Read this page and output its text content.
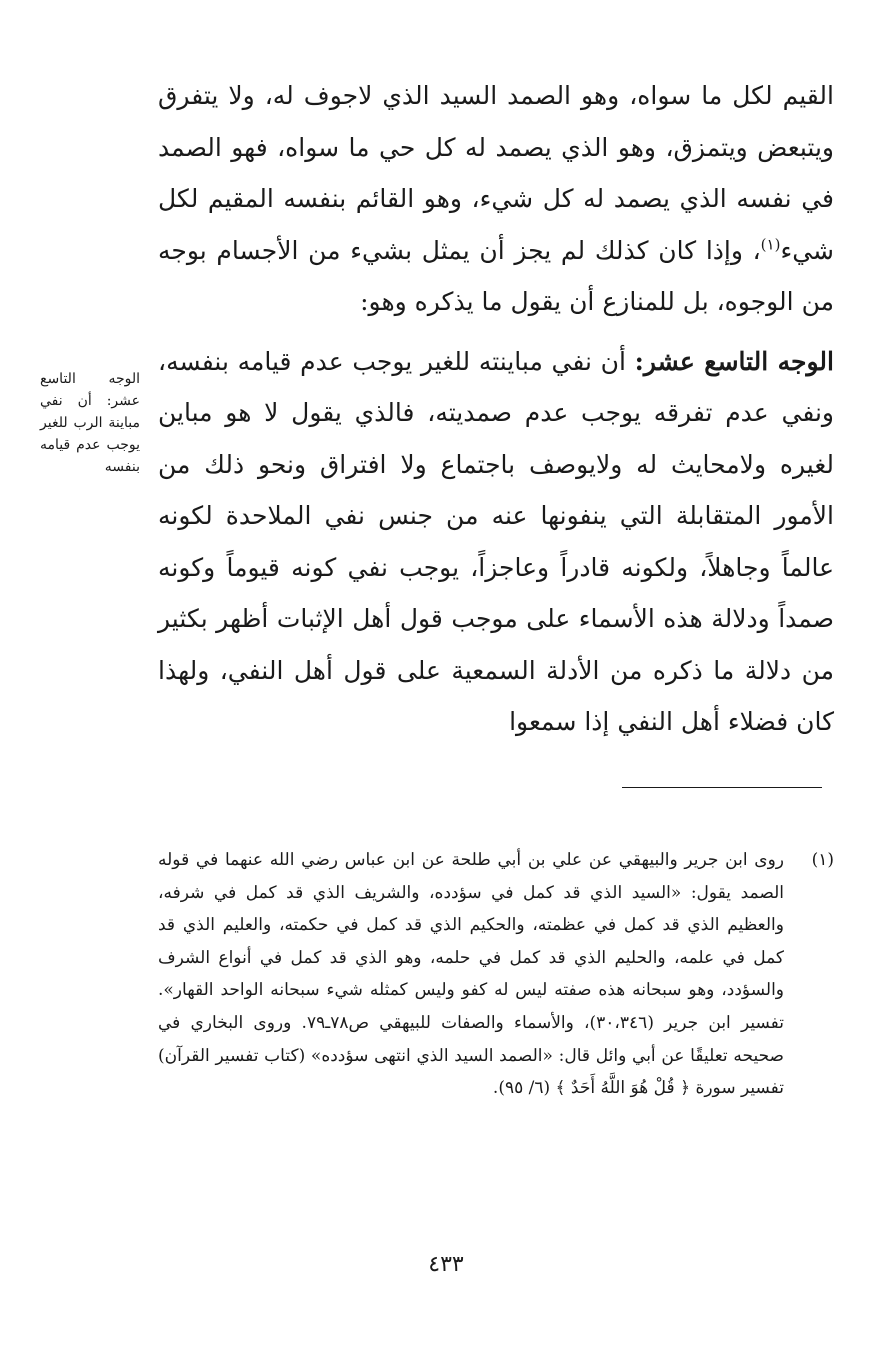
القيم لكل ما سواه، وهو الصمد السيد الذي لاجوف له، ولا يتفرق ويتبعض ويتمزق، وهو الذي يصمد له كل حي ما سواه، فهو الصمد في نفسه الذي يصمد له كل شيء، وهو القائم بنفسه المقيم لكل شيء$^{(١)}$، وإذا كان كذلك لم يجز أن يمثل بشيء من الأجسام بوجه من الوجوه، بل للمنازع أن يقول ما يذكره وهو:

الوجه التاسع عشر: أن نفي مباينته للغير يوجب عدم قيامه بنفسه، ونفي عدم تفرقه يوجب عدم صمديته، فالذي يقول لا هو مباين لغيره ولامحايث له ولايوصف باجتماع ولا افتراق ونحو ذلك من الأمور المتقابلة التي ينفونها عنه من جنس نفي الملاحدة لكونه عالماً وجاهلاً، ولكونه قادراً وعاجزاً، يوجب نفي كونه قيوماً وكونه صمداً ودلالة هذه الأسماء على موجب قول أهل الإثبات أظهر بكثير من دلالة ما ذكره من الأدلة السمعية على قول أهل النفي، ولهذا كان فضلاء أهل النفي إذا سمعوا

الوجه التاسع عشر: أن نفي مباينة الرب للغير يوجب عدم قيامه بنفسه
(١)
روى ابن جرير والبيهقي عن علي بن أبي طلحة عن ابن عباس رضي الله عنهما في قوله الصمد يقول: «السيد الذي قد كمل في سؤدده، والشريف الذي قد كمل في شرفه، والعظيم الذي قد كمل في عظمته، والحكيم الذي قد كمل في حكمته، والعليم الذي قد كمل في علمه، والحليم الذي قد كمل في حلمه، وهو الذي قد كمل في أنواع الشرف والسؤدد، وهو سبحانه هذه صفته ليس له كفو وليس كمثله شيء سبحانه الواحد القهار». تفسير ابن جرير (٣٠،٣٤٦)، والأسماء والصفات للبيهقي ص٧٨ـ٧٩. وروى البخاري في صحيحه تعليقًا عن أبي وائل قال: «الصمد السيد الذي انتهى سؤدده» (كتاب تفسير القرآن) تفسير سورة ﴿ قُلْ هُوَ اللَّهُ أَحَدٌ ﴾ (٦/ ٩٥).
٤٣٣
